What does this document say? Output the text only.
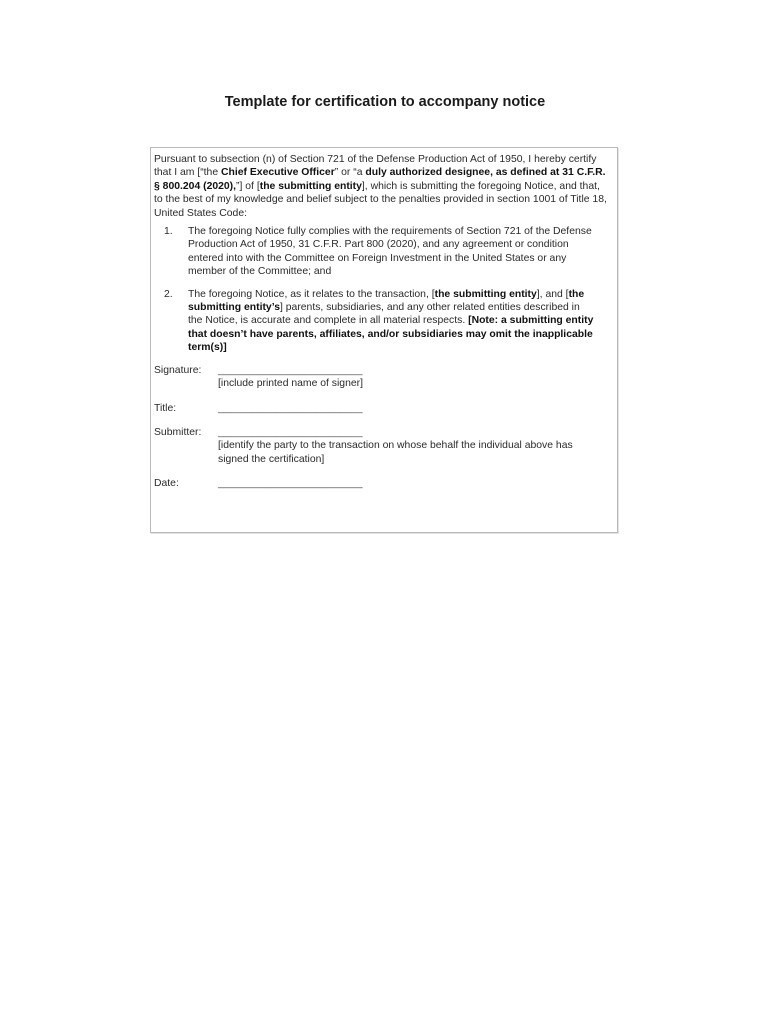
Template for certification to accompany notice

Pursuant to subsection (n) of Section 721 of the Defense Production Act of 1950, I hereby certify that I am [“the Chief Executive Officer” or “a duly authorized designee, as defined at 31 C.F.R. § 800.204 (2020),”] of [the submitting entity], which is submitting the foregoing Notice, and that, to the best of my knowledge and belief subject to the penalties provided in section 1001 of Title 18, United States Code:

1.	The foregoing Notice fully complies with the requirements of Section 721 of the Defense Production Act of 1950, 31 C.F.R. Part 800 (2020), and any agreement or condition entered into with the Committee on Foreign Investment in the United States or any member of the Committee; and
2.	The foregoing Notice, as it relates to the transaction, [the submitting entity], and [the submitting entity’s] parents, subsidiaries, and any other related entities described in the Notice, is accurate and complete in all material respects. [Note: a submitting entity that doesn’t have parents, affiliates, and/or subsidiaries may omit the inapplicable term(s)]
Signature:	_________________________
[include printed name of signer]
Title:	_________________________
Submitter:	_________________________
[identify the party to the transaction on whose behalf the individual above has signed the certification]
Date:	_________________________
